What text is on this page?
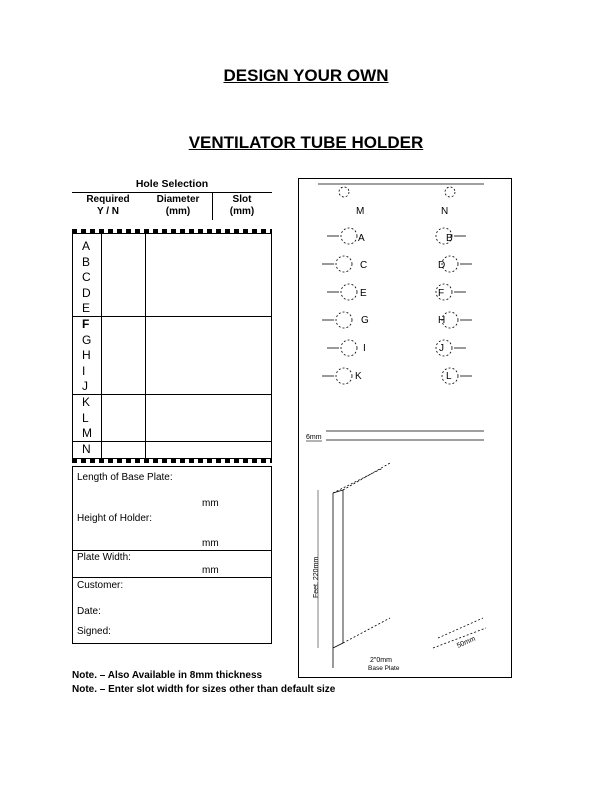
DESIGN YOUR OWN
VENTILATOR TUBE HOLDER
Hole Selection
Required
Y / N
Diameter
(mm)
Slot
(mm)
A
B
C
D
E
F
G
H
I
J
K
L
M
N
Length of Base Plate:
mm
Height of Holder:
mm
Plate Width:
mm
Customer:
Date:
Signed:
Note. – Also Available in 8mm thickness
Note. – Enter slot width for sizes other than default size
M
A
C
E
G
I
K
N
B
D
F
H
J
L
6mm
Feet. 220mm
2"0mm
Base Plate
50mm
